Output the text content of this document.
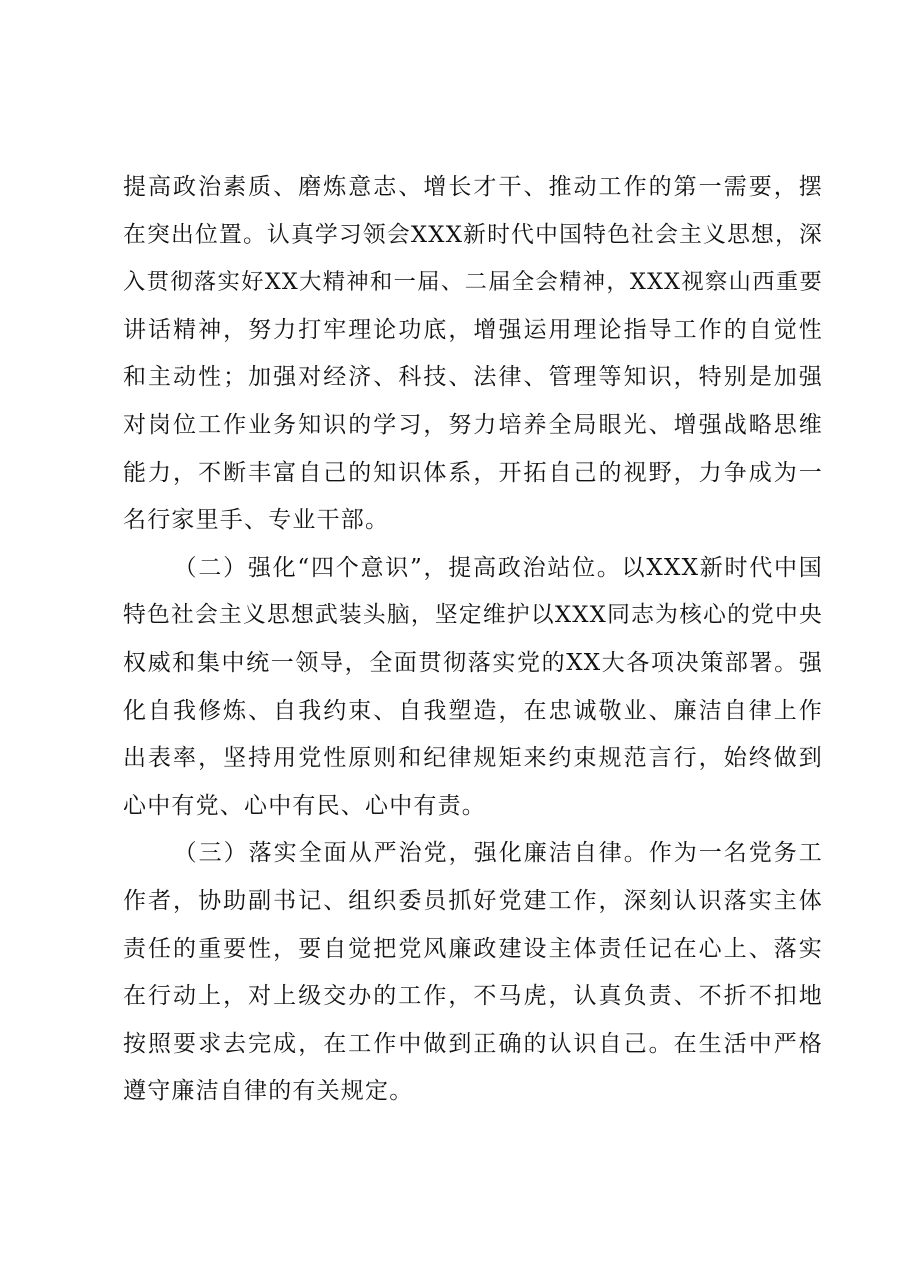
提高政治素质、磨炼意志、增长才干、推动工作的第一需要，摆
在突出位置。认真学习领会XXX新时代中国特色社会主义思想，深
入贯彻落实好XX大精神和一届、二届全会精神，XXX视察山西重要
讲话精神，努力打牢理论功底，增强运用理论指导工作的自觉性
和主动性；加强对经济、科技、法律、管理等知识，特别是加强
对岗位工作业务知识的学习，努力培养全局眼光、增强战略思维
能力，不断丰富自己的知识体系，开拓自己的视野，力争成为一
名行家里手、专业干部。

（二）强化“四个意识”，提高政治站位。以XXX新时代中国
特色社会主义思想武装头脑，坚定维护以XXX同志为核心的党中央
权威和集中统一领导，全面贯彻落实党的XX大各项决策部署。强
化自我修炼、自我约束、自我塑造，在忠诚敬业、廉洁自律上作
出表率，坚持用党性原则和纪律规矩来约束规范言行，始终做到
心中有党、心中有民、心中有责。

（三）落实全面从严治党，强化廉洁自律。作为一名党务工
作者，协助副书记、组织委员抓好党建工作，深刻认识落实主体
责任的重要性，要自觉把党风廉政建设主体责任记在心上、落实
在行动上，对上级交办的工作，不马虎，认真负责、不折不扣地
按照要求去完成，在工作中做到正确的认识自己。在生活中严格
遵守廉洁自律的有关规定。
